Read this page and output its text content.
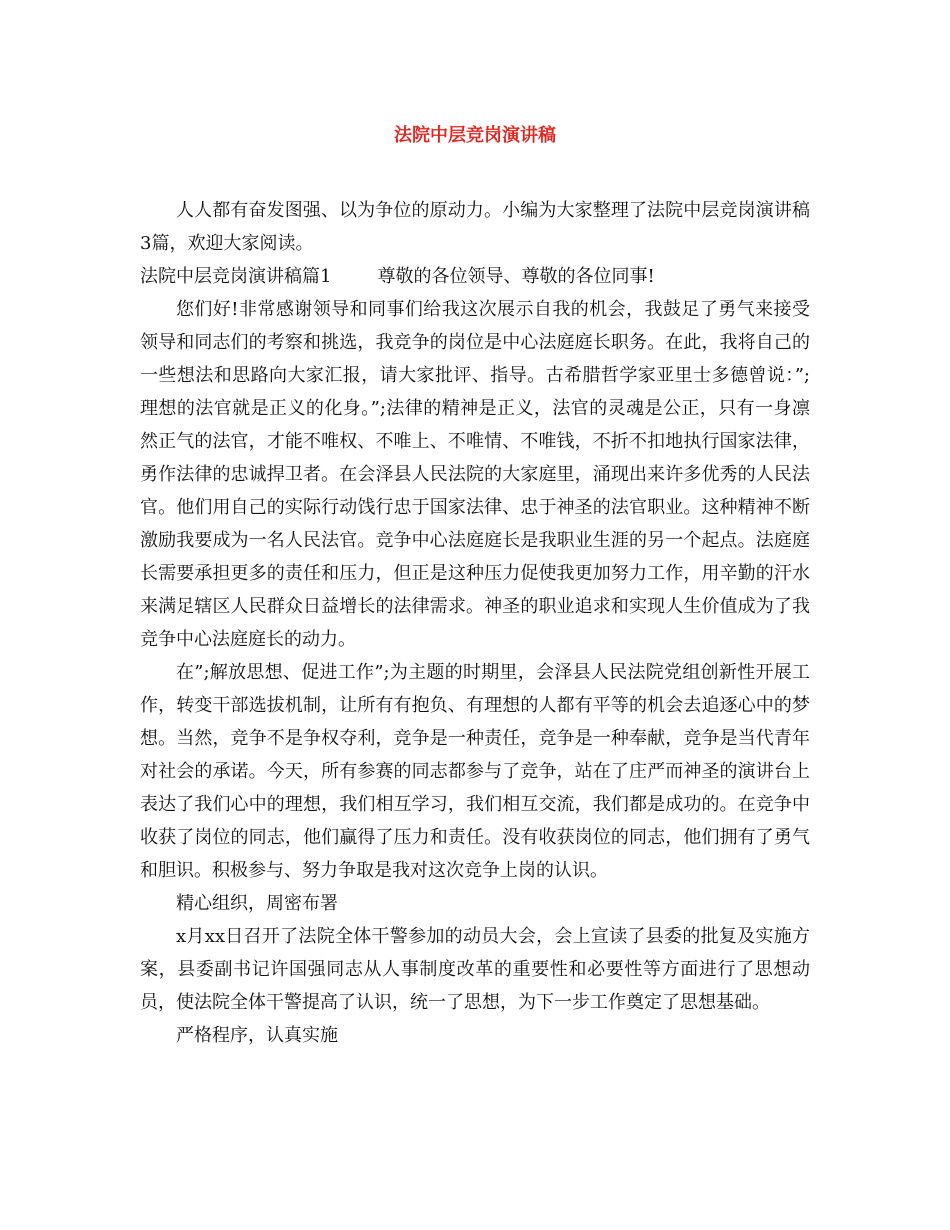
法院中层竞岗演讲稿

人人都有奋发图强、以为争位的原动力。小编为大家整理了法院中层竞岗演讲稿3篇，欢迎大家阅读。

法院中层竞岗演讲稿篇1	尊敬的各位领导、尊敬的各位同事!

您们好!非常感谢领导和同事们给我这次展示自我的机会，我鼓足了勇气来接受领导和同志们的考察和挑选，我竞争的岗位是中心法庭庭长职务。在此，我将自己的一些想法和思路向大家汇报，请大家批评、指导。古希腊哲学家亚里士多德曾说：”;理想的法官就是正义的化身。”;法律的精神是正义，法官的灵魂是公正，只有一身凛然正气的法官，才能不唯权、不唯上、不唯情、不唯钱，不折不扣地执行国家法律，勇作法律的忠诚捍卫者。在会泽县人民法院的大家庭里，涌现出来许多优秀的人民法官。他们用自己的实际行动饯行忠于国家法律、忠于神圣的法官职业。这种精神不断激励我要成为一名人民法官。竞争中心法庭庭长是我职业生涯的另一个起点。法庭庭长需要承担更多的责任和压力，但正是这种压力促使我更加努力工作，用辛勤的汗水来满足辖区人民群众日益增长的法律需求。神圣的职业追求和实现人生价值成为了我竞争中心法庭庭长的动力。

在”;解放思想、促进工作”;为主题的时期里，会泽县人民法院党组创新性开展工作，转变干部选拔机制，让所有有抱负、有理想的人都有平等的机会去追逐心中的梦想。当然，竞争不是争权夺利，竞争是一种责任，竞争是一种奉献，竞争是当代青年对社会的承诺。今天，所有参赛的同志都参与了竞争，站在了庄严而神圣的演讲台上表达了我们心中的理想，我们相互学习，我们相互交流，我们都是成功的。在竞争中收获了岗位的同志，他们赢得了压力和责任。没有收获岗位的同志，他们拥有了勇气和胆识。积极参与、努力争取是我对这次竞争上岗的认识。

精心组织，周密布署

x月xx日召开了法院全体干警参加的动员大会，会上宣读了县委的批复及实施方案，县委副书记许国强同志从人事制度改革的重要性和必要性等方面进行了思想动员，使法院全体干警提高了认识，统一了思想，为下一步工作奠定了思想基础。

严格程序，认真实施
